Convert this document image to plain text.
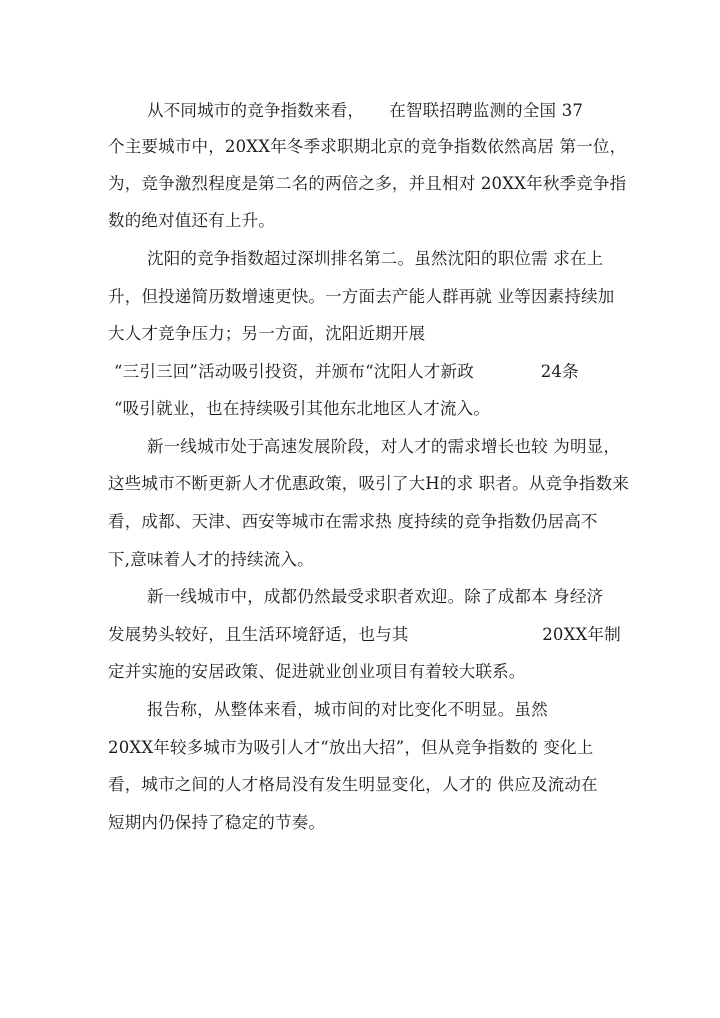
从不同城市的竞争指数来看，　　在智联招聘监测的全国 37
个主要城市中，20XX年冬季求职期北京的竞争指数依然高居 第一位，
为，竞争激烈程度是第二名的两倍之多，并且相对 20XX年秋季竞争指
数的绝对值还有上升。
沈阳的竞争指数超过深圳排名第二。虽然沈阳的职位需 求在上
升，但投递简历数增速更快。一方面去产能人群再就 业等因素持续加
大人才竞争压力；另一方面，沈阳近期开展
“三引三回”活动吸引投资，并颁布“沈阳人才新政　　　　24条
“吸引就业，也在持续吸引其他东北地区人才流入。
新一线城市处于高速发展阶段，对人才的需求增长也较 为明显，
这些城市不断更新人才优惠政策，吸引了大H的求 职者。从竞争指数来
看，成都、天津、西安等城市在需求热 度持续的竞争指数仍居高不
下,意味着人才的持续流入。
新一线城市中，成都仍然最受求职者欢迎。除了成都本 身经济
发展势头较好，且生活环境舒适，也与其　　　　　　　　20XX年制
定并实施的安居政策、促进就业创业项目有着较大联系。
报告称，从整体来看，城市间的对比变化不明显。虽然
20XX年较多城市为吸引人才“放出大招”，但从竞争指数的 变化上
看，城市之间的人才格局没有发生明显变化，人才的 供应及流动在
短期内仍保持了稳定的节奏。
